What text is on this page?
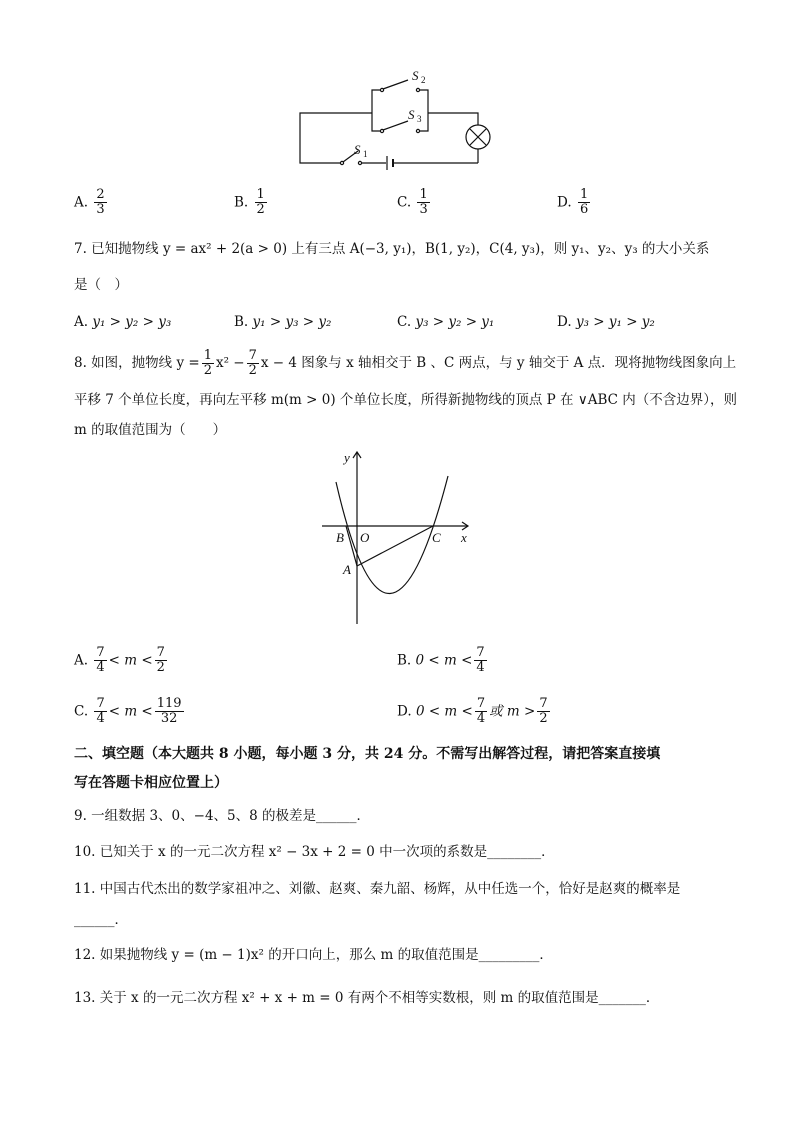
S 2
S 3
S 1
A. $\frac{2}{3}$	B. $\frac{1}{2}$	C. $\frac{1}{3}$	D. $\frac{1}{6}$
7. 已知抛物线 y = ax² + 2(a > 0) 上有三点 A(−3, y₁)，B(1, y₂)，C(4, y₃)，则 y₁、y₂、y₃ 的大小关系
是（　）
A. y₁ > y₂ > y₃	B. y₁ > y₃ > y₂	C. y₃ > y₂ > y₁	D. y₃ > y₁ > y₂
8. 如图，抛物线 $y = \frac{1}{2} x^2 - \frac{7}{2}$ x − 4 图象与 x 轴相交于 B 、C 两点，与 y 轴交于 A 点．现将抛物线图象向上
平移 7 个单位长度，再向左平移 m(m > 0) 个单位长度，所得新抛物线的顶点 P 在 ∨ABC 内（不含边界），则
m 的取值范围为（　　）
y
x
O
B	C
A
A. $\frac{7}{4} < m < \frac{7}{2}$	B. $0 < m < \frac{7}{4}$
C. $\frac{7}{4} < m < \frac{119}{32}$	D. $0 < m < \frac{7}{4}$ 或 $m > \frac{7}{2}$
二、填空题（本大题共 8 小题，每小题 3 分，共 24 分。不需写出解答过程，请把答案直接填
写在答题卡相应位置上）
9. 一组数据 3、0、−4、5、8 的极差是______．
10. 已知关于 x 的一元二次方程 x² − 3x + 2 = 0 中一次项的系数是________．
11. 中国古代杰出的数学家祖冲之、刘徽、赵爽、秦九韶、杨辉，从中任选一个，恰好是赵爽的概率是
______．
12. 如果抛物线 y = (m − 1)x² 的开口向上，那么 m 的取值范围是_________．
13. 关于 x 的一元二次方程 x² + x + m = 0 有两个不相等实数根，则 m 的取值范围是_______．
